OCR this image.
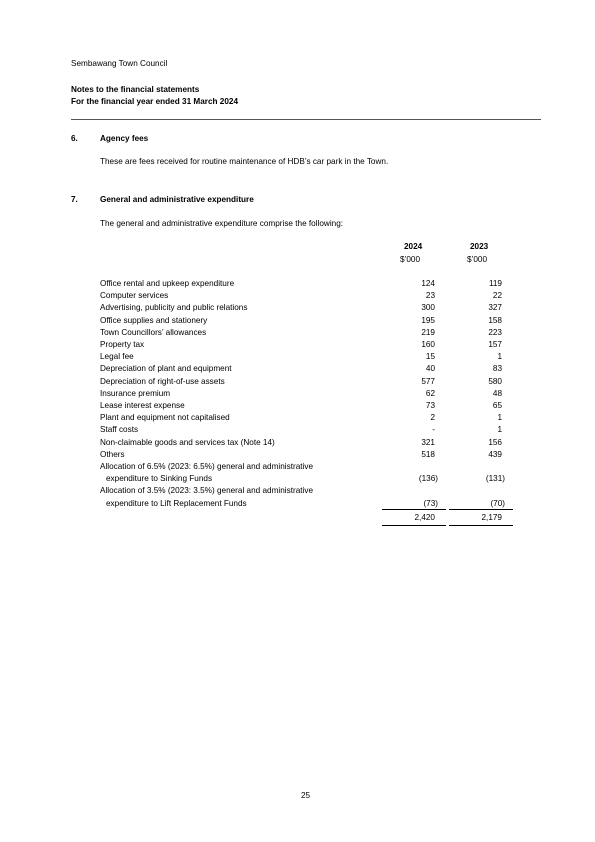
Sembawang Town Council
Notes to the financial statements
For the financial year ended 31 March 2024
6.	Agency fees
These are fees received for routine maintenance of HDB’s car park in the Town.
7.	General and administrative expenditure
The general and administrative expenditure comprise the following:
2024	2023
$’000	$’000
Office rental and upkeep expenditure	124	119
Computer services	23	22
Advertising, publicity and public relations	300	327
Office supplies and stationery	195	158
Town Councillors’ allowances	219	223
Property tax	160	157
Legal fee	15	1
Depreciation of plant and equipment	40	83
Depreciation of right-of-use assets	577	580
Insurance premium	62	48
Lease interest expense	73	65
Plant and equipment not capitalised	2	1
Staff costs	-	1
Non-claimable goods and services tax (Note 14)	321	156
Others	518	439
Allocation of 6.5% (2023: 6.5%) general and administrative
expenditure to Sinking Funds	(136)	(131)
Allocation of 3.5% (2023: 3.5%) general and administrative
expenditure to Lift Replacement Funds	(73)	(70)
2,420	2,179
25
